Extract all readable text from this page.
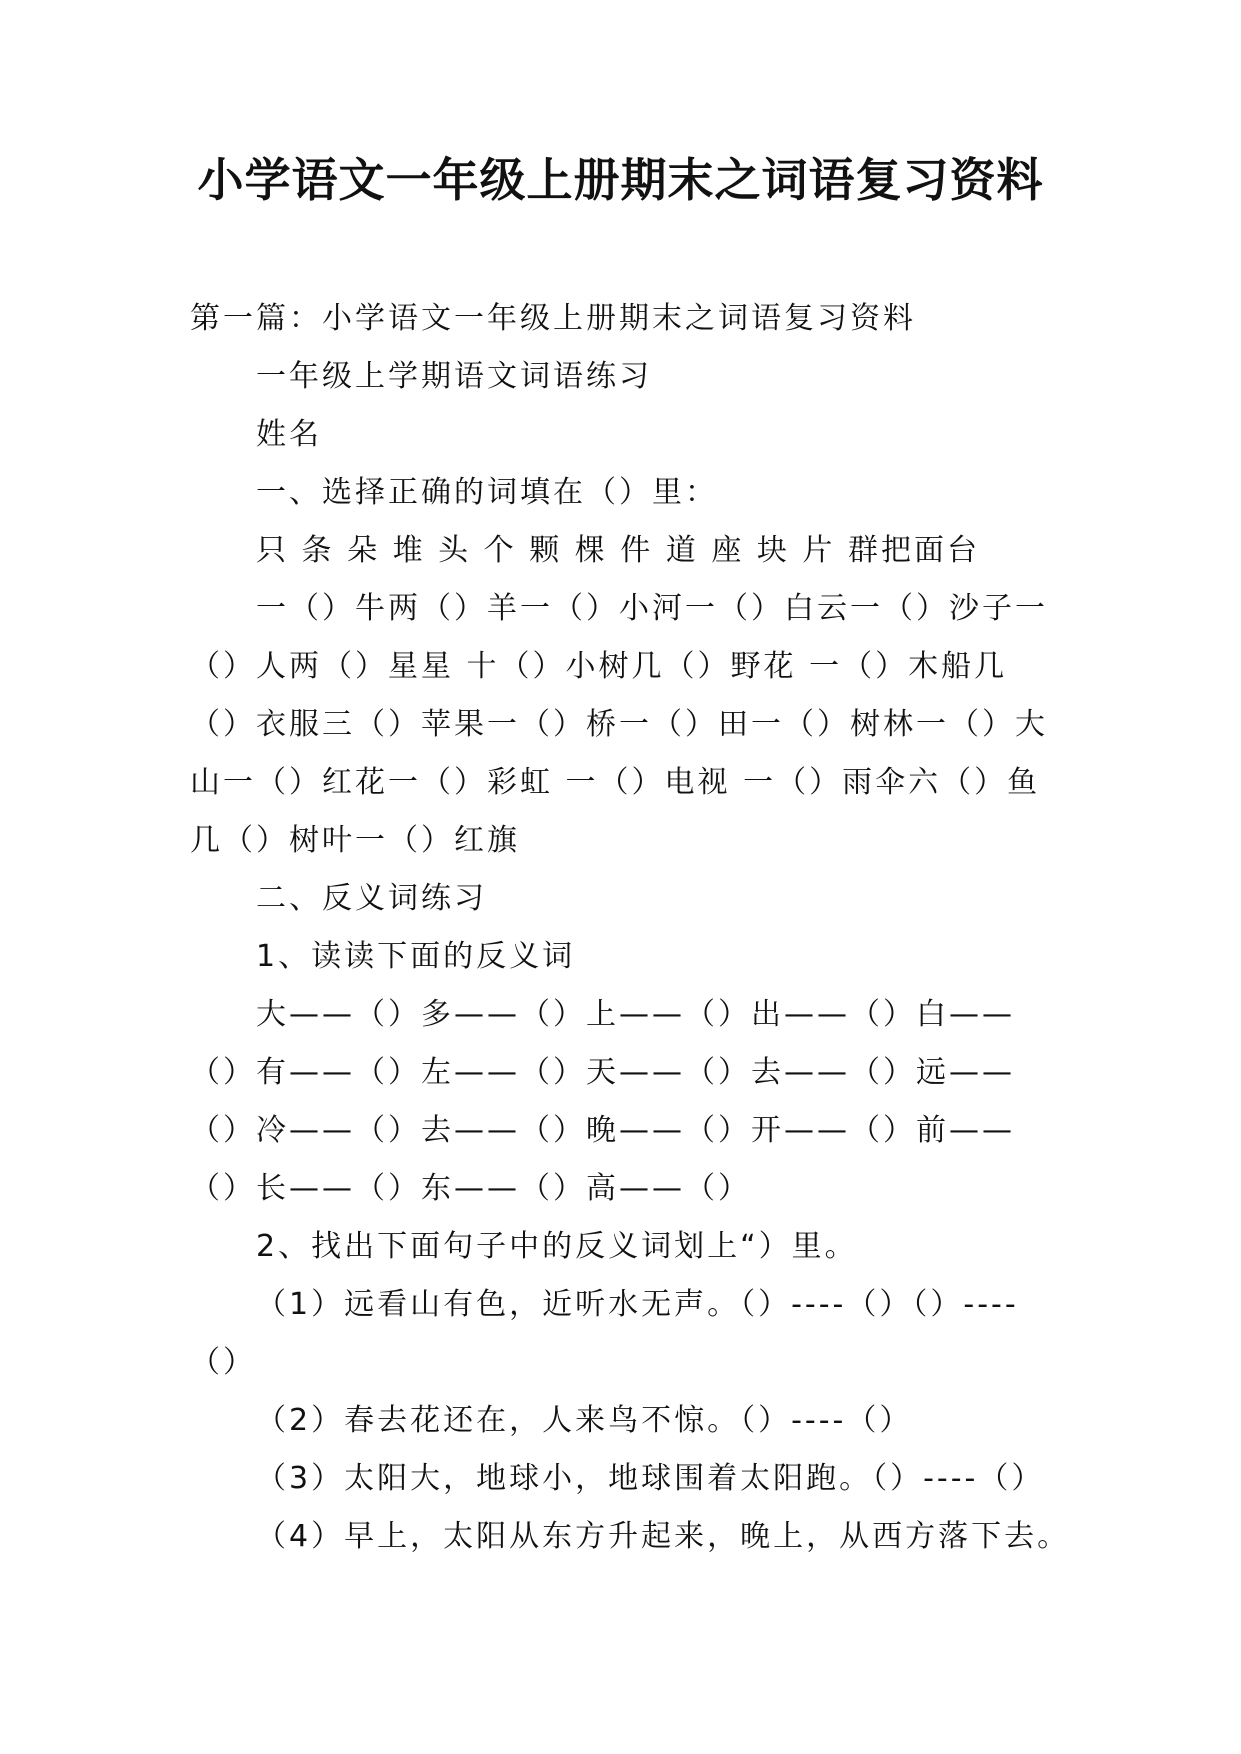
小学语文一年级上册期末之词语复习资料
第一篇：小学语文一年级上册期末之词语复习资料
一年级上学期语文词语练习
姓名
一、选择正确的词填在（）里：
只 条 朵 堆 头 个 颗 棵 件 道 座 块 片 群把面台
一（）牛两（）羊一（）小河一（）白云一（）沙子一
（）人两（）星星 十（）小树几（）野花 一（）木船几
（）衣服三（）苹果一（）桥一（）田一（）树林一（）大
山一（）红花一（）彩虹 一（）电视 一（）雨伞六（）鱼
几（）树叶一（）红旗
二、反义词练习
1、读读下面的反义词
大——（）多——（）上——（）出——（）白——
（）有——（）左——（）天——（）去——（）远——
（）冷——（）去——（）晚——（）开——（）前——
（）长——（）东——（）高——（）
2、找出下面句子中的反义词划上“）里。
（1）远看山有色，近听水无声。（）----（）（）----
（）
（2）春去花还在，人来鸟不惊。（）----（）
（3）太阳大，地球小，地球围着太阳跑。（）----（）
（4）早上，太阳从东方升起来，晚上，从西方落下去。
